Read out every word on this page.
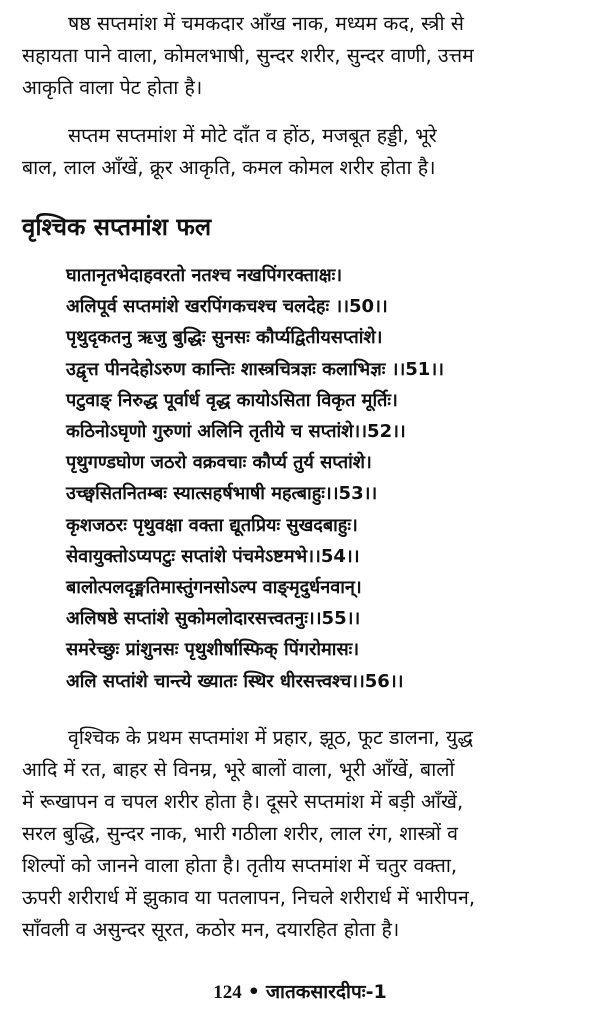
षष्ठ सप्तमांश में चमकदार आँख नाक, मध्यम कद, स्त्री से
सहायता पाने वाला, कोमलभाषी, सुन्दर शरीर, सुन्दर वाणी, उत्तम
आकृति वाला पेट होता है।
सप्तम सप्तमांश में मोटे दाँत व होंठ, मजबूत हड्डी, भूरे
बाल, लाल आँखें, क्रूर आकृति, कमल कोमल शरीर होता है।
वृश्चिक सप्तमांश फल
घातानृतभेदाहवरतो नतश्च नखपिंगरक्ताक्षः।
अलिपूर्व सप्तमांशे खरपिंगकचश्च चलदेहः ।।50।।
पृथुदृकतनु ऋजु बुद्धिः सुनसः कौर्प्यद्वितीयसप्तांशे।
उद्वृत्त पीनदेहोऽरुण कान्तिः शास्त्रचित्रज्ञः कलाभिज्ञः ।।51।।
पटुवाङ् निरुद्ध पूर्वार्ध वृद्ध कायोऽसिता विकृत मूर्तिः।
कठिनोऽघृणो गुरुणां अलिनि तृतीये च सप्तांशे।।52।।
पृथुगण्डघोण जठरो वक्रवचाः कौर्प्य तुर्य सप्तांशे।
उच्छ्वसितनितम्बः स्यात्सहर्षभाषी महत्बाहुः।।53।।
कृशजठरः पृथुवक्षा वक्ता द्यूतप्रियः सुखदबाहुः।
सेवायुक्तोऽप्यपटुः सप्तांशे पंचमेऽष्टमभे।।54।।
बालोत्पलदृङ्मतिमास्तुंगनसोऽल्प वाङ्मृदुर्धनवान्।
अलिषष्ठे सप्तांशे सुकोमलोदारसत्त्वतनुः।।55।।
समरेच्छुः प्रांशुनसः पृथुशीर्षास्फिक् पिंगरोमासः।
अलि सप्तांशे चान्त्ये ख्यातः स्थिर धीरसत्त्वश्च।।56।।
वृश्चिक के प्रथम सप्तमांश में प्रहार, झूठ, फूट डालना, युद्ध
आदि में रत, बाहर से विनम्र, भूरे बालों वाला, भूरी आँखें, बालों
में रूखापन व चपल शरीर होता है। दूसरे सप्तमांश में बड़ी आँखें,
सरल बुद्धि, सुन्दर नाक, भारी गठीला शरीर, लाल रंग, शास्त्रों व
शिल्पों को जानने वाला होता है। तृतीय सप्तमांश में चतुर वक्ता,
ऊपरी शरीरार्ध में झुकाव या पतलापन, निचले शरीरार्ध में भारीपन,
साँवली व असुन्दर सूरत, कठोर मन, दयारहित होता है।
124 • जातकसारदीपः-1
